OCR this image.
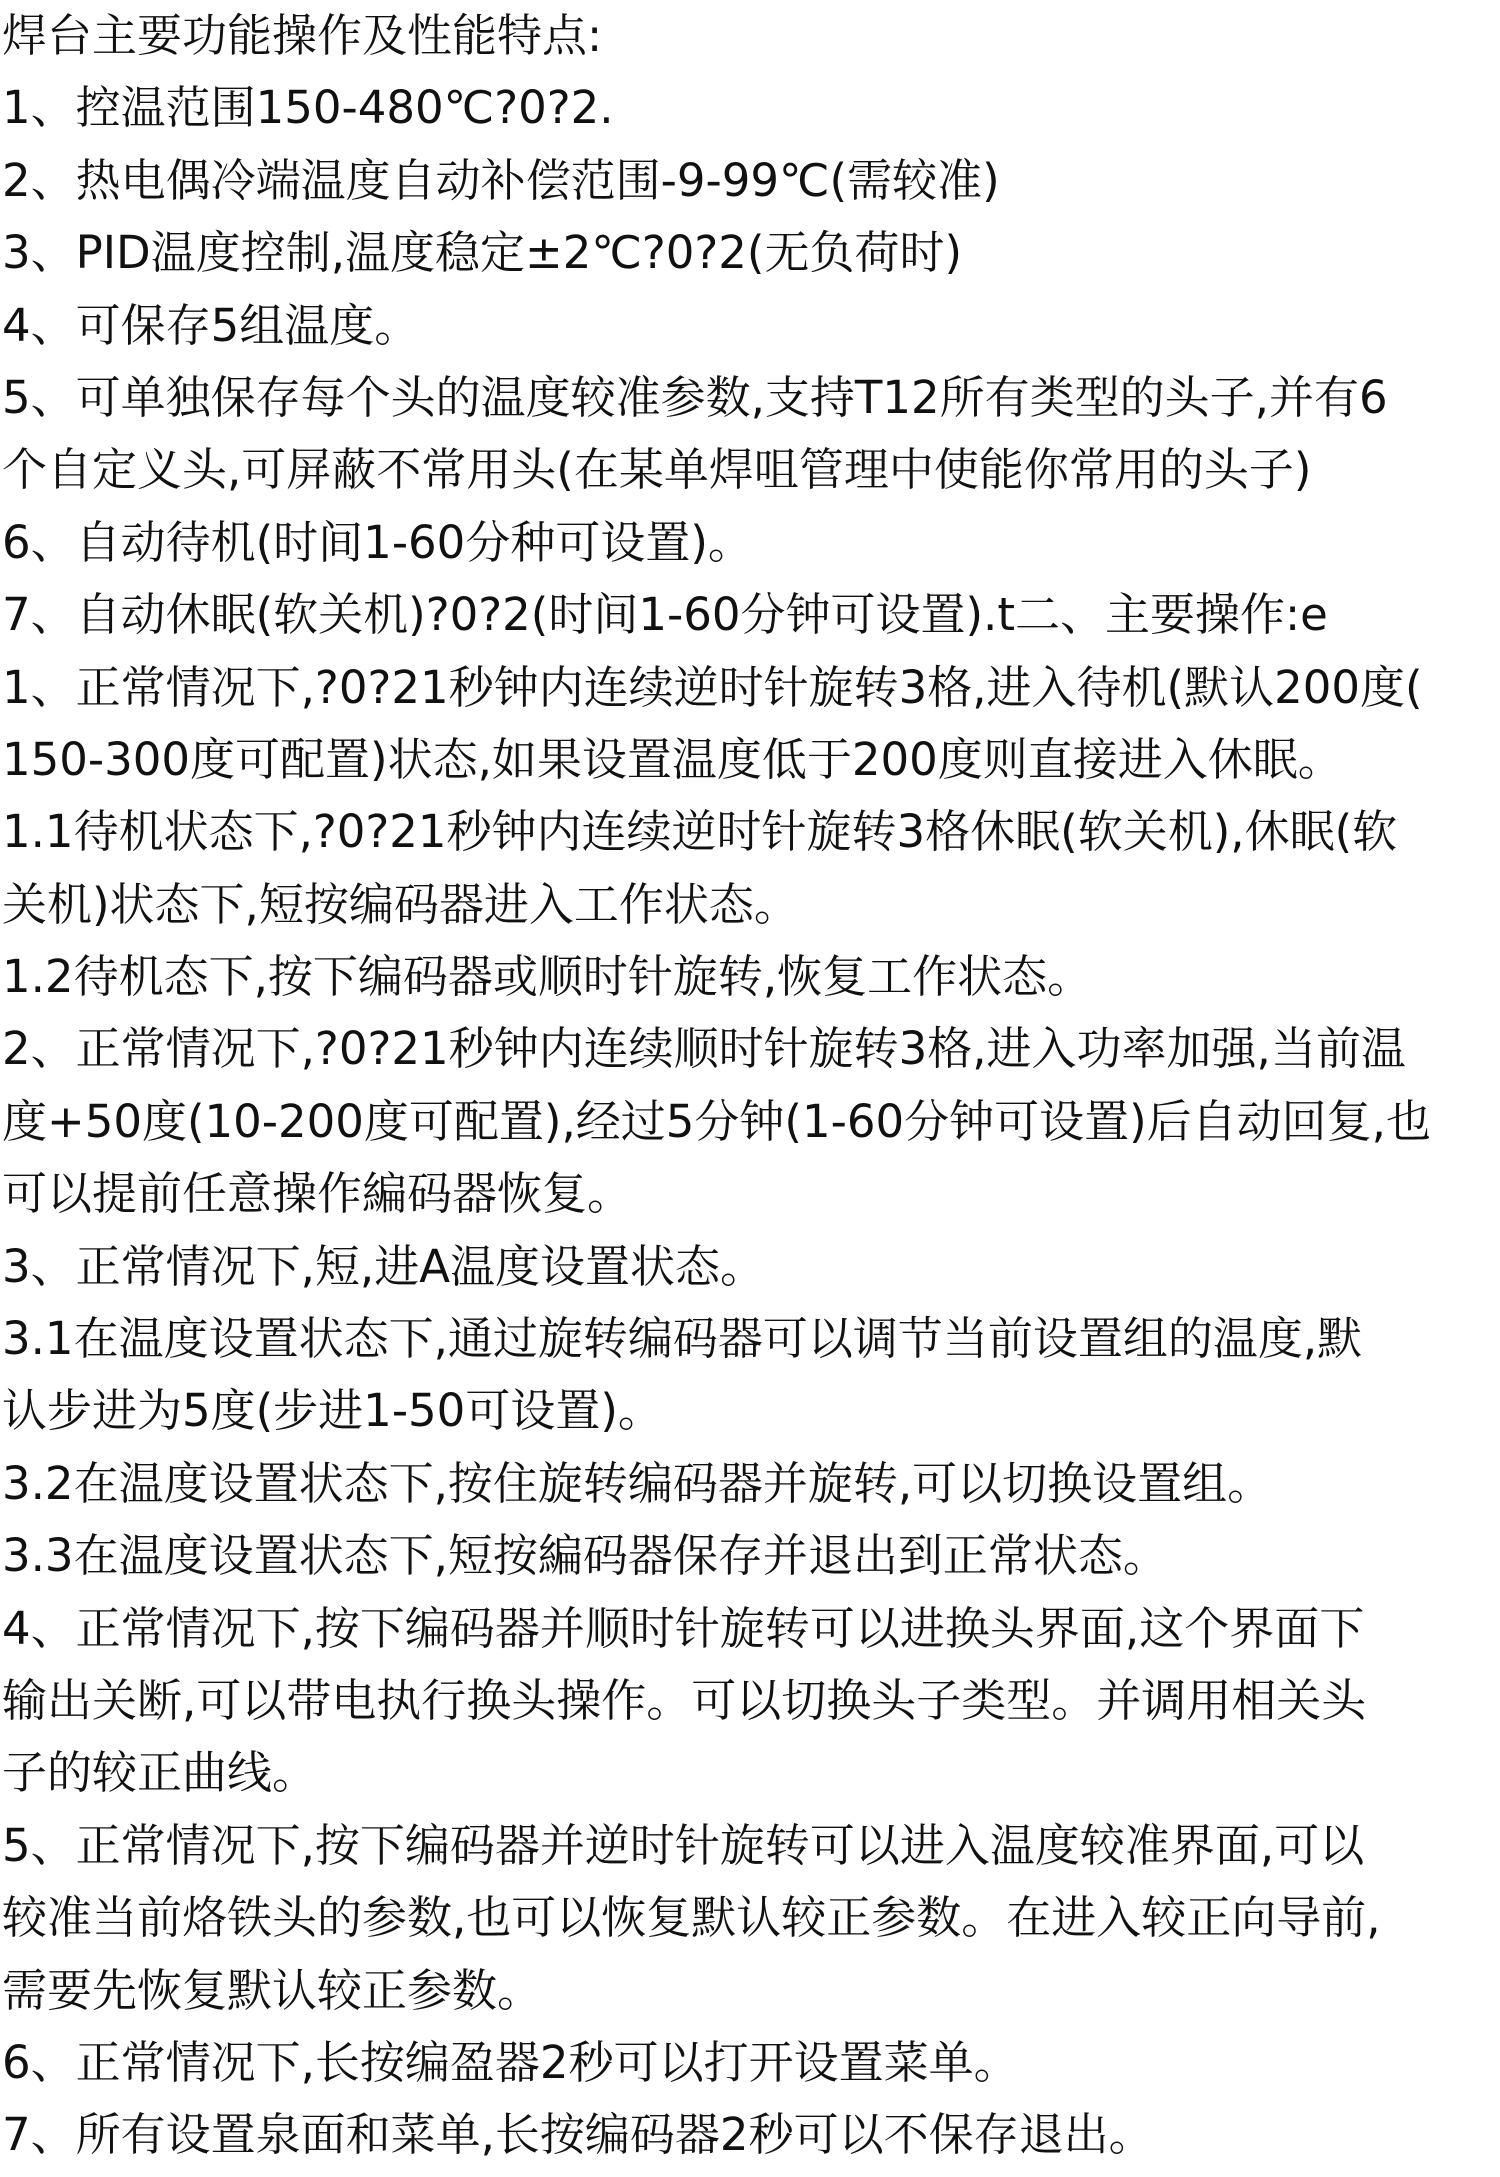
焊台主要功能操作及性能特点:
1、控温范围150-480℃?0?2.
2、热电偶冷端温度自动补偿范围-9-99℃(需较准)
3、PID温度控制,温度稳定±2℃?0?2(无负荷时)
4、可保存5组温度。
5、可单独保存每个头的温度较准参数,支持T12所有类型的头子,并有6
个自定义头,可屏蔽不常用头(在某单焊咀管理中使能你常用的头子)
6、自动待机(时间1-60分种可设置)。
7、自动休眠(软关机)?0?2(时间1-60分钟可设置).t二、主要操作:e
1、正常情况下,?0?21秒钟内连续逆时针旋转3格,进入待机(默认200度(
150-300度可配置)状态,如果设置温度低于200度则直接进入休眠。
1.1待机状态下,?0?21秒钟内连续逆时针旋转3格休眠(软关机),休眠(软
关机)状态下,短按编码器进入工作状态。
1.2待机态下,按下编码器或顺时针旋转,恢复工作状态。
2、正常情况下,?0?21秒钟内连续顺时针旋转3格,进入功率加强,当前温
度+50度(10-200度可配置),经过5分钟(1-60分钟可设置)后自动回复,也
可以提前任意操作編码器恢复。
3、正常情况下,短,进A温度设置状态。
3.1在温度设置状态下,通过旋转编码器可以调节当前设置组的温度,默
认步进为5度(步进1-50可设置)。
3.2在温度设置状态下,按住旋转编码器并旋转,可以切换设置组。
3.3在温度设置状态下,短按編码器保存并退出到正常状态。
4、正常情况下,按下编码器并顺时针旋转可以进换头界面,这个界面下
输出关断,可以带电执行换头操作。可以切换头子类型。并调用相关头
子的较正曲线。
5、正常情况下,按下编码器并逆时针旋转可以进入温度较准界面,可以
较准当前烙铁头的参数,也可以恢复默认较正参数。在进入较正向导前,
需要先恢复默认较正参数。
6、正常情况下,长按编盈器2秒可以打开设置菜单。
7、所有设置泉面和菜单,长按编码器2秒可以不保存退出。
